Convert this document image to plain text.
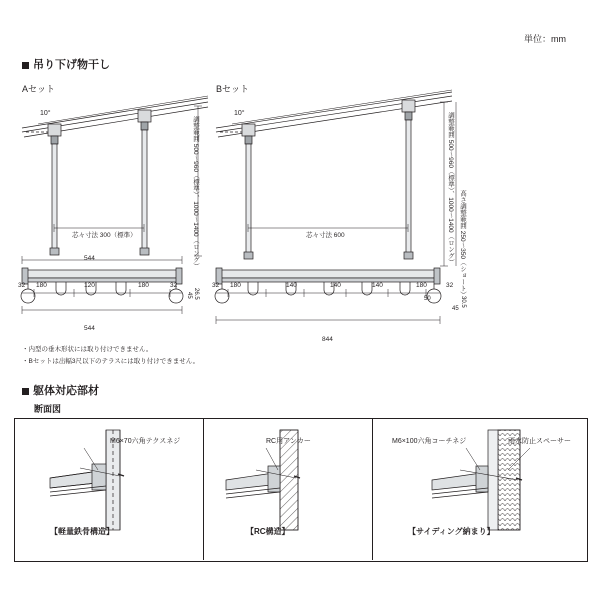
単位：mm
吊り下げ物干し
Aセット	Bセット
10°
芯々寸法 300（標準）	調整範囲 500～960（標準）、1000～1400（ロング）
544
544
32 180	120	180	32
45 26.5
10°
芯々寸法 600	調整範囲 500～960（標準）、1000～1400（ロング） 高さ調整範囲 250～350（ショート）
844
32 180	140	140	140	180	32
50
45
30.5
・内型の垂木形状には取り付けできません。
・Bセットは出幅3尺以下のテラスには取り付けできません。
躯体対応部材
断面図
M6×70六角テクスネジ
【軽量鉄骨構造】
RC用アンカー
【RC構造】
M6×100六角コーチネジ	雨水防止スペーサー
【サイディング納まり】
